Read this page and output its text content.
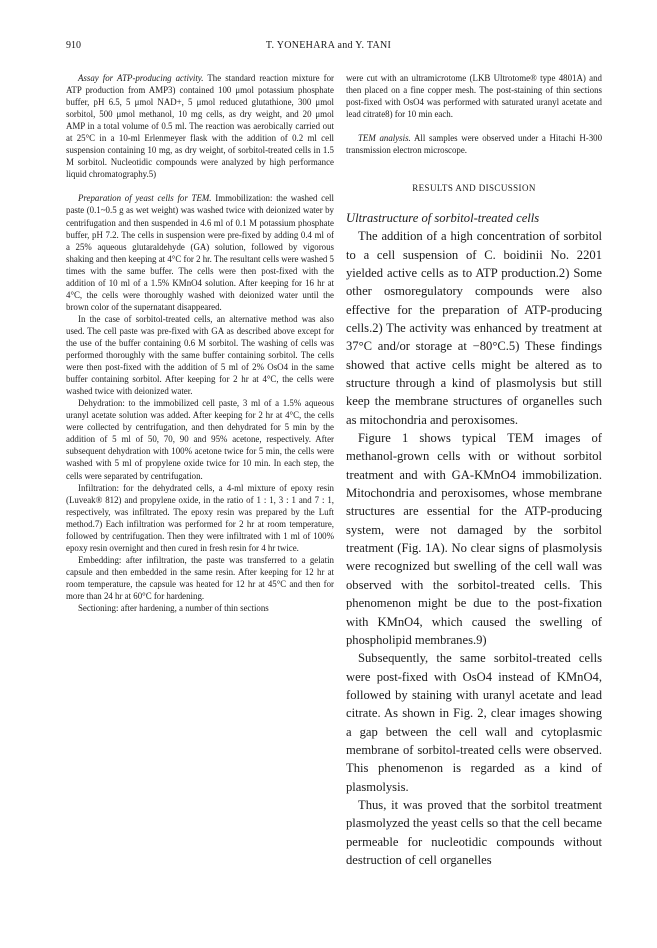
910	T. YONEHARA and Y. TANI

Assay for ATP-producing activity. The standard reaction mixture for ATP production from AMP3) contained 100 μmol potassium phosphate buffer, pH 6.5, 5 μmol NAD+, 5 μmol reduced glutathione, 300 μmol sorbitol, 500 μmol methanol, 10 mg cells, as dry weight, and 20 μmol AMP in a total volume of 0.5 ml. The reaction was aerobically carried out at 25°C in a 10-ml Erlenmeyer flask with the addition of 0.2 ml cell suspension containing 10 mg, as dry weight, of sorbitol-treated cells in 1.5 M sorbitol. Nucleotidic compounds were analyzed by high performance liquid chromatography.5)

Preparation of yeast cells for TEM. Immobilization: the washed cell paste (0.1~0.5 g as wet weight) was washed twice with deionized water by centrifugation and then suspended in 4.6 ml of 0.1 M potassium phosphate buffer, pH 7.2. The cells in suspension were pre-fixed by adding 0.4 ml of a 25% aqueous glutaraldehyde (GA) solution, followed by vigorous shaking and then keeping at 4°C for 2 hr. The resultant cells were washed 5 times with the same buffer. The cells were then post-fixed with the addition of 10 ml of a 1.5% KMnO4 solution. After keeping for 16 hr at 4°C, the cells were thoroughly washed with deionized water until the brown color of the supernatant disappeared.

In the case of sorbitol-treated cells, an alternative method was also used. The cell paste was pre-fixed with GA as described above except for the use of the buffer containing 0.6 M sorbitol. The washing of cells was performed thoroughly with the same buffer containing sorbitol. The cells were then post-fixed with the addition of 5 ml of 2% OsO4 in the same buffer containing sorbitol. After keeping for 2 hr at 4°C, the cells were washed twice with deionized water.

Dehydration: to the immobilized cell paste, 3 ml of a 1.5% aqueous uranyl acetate solution was added. After keeping for 2 hr at 4°C, the cells were collected by centrifugation, and then dehydrated for 5 min by the addition of 5 ml of 50, 70, 90 and 95% acetone, respectively. After subsequent dehydration with 100% acetone twice for 5 min, the cells were washed with 5 ml of propylene oxide twice for 10 min. In each step, the cells were separated by centrifugation.

Infiltration: for the dehydrated cells, a 4-ml mixture of epoxy resin (Luveak® 812) and propylene oxide, in the ratio of 1 : 1, 3 : 1 and 7 : 1, respectively, was infiltrated. The epoxy resin was prepared by the Luft method.7) Each infiltration was performed for 2 hr at room temperature, followed by centrifugation. Then they were infiltrated with 1 ml of 100% epoxy resin overnight and then cured in fresh resin for 4 hr twice.

Embedding: after infiltration, the paste was transferred to a gelatin capsule and then embedded in the same resin. After keeping for 12 hr at room temperature, the capsule was heated for 12 hr at 45°C and then for more than 24 hr at 60°C for hardening.

Sectioning: after hardening, a number of thin sections

were cut with an ultramicrotome (LKB Ultrotome® type 4801A) and then placed on a fine copper mesh. The post-staining of thin sections post-fixed with OsO4 was performed with saturated uranyl acetate and lead citrate8) for 10 min each.

TEM analysis. All samples were observed under a Hitachi H-300 transmission electron microscope.

RESULTS AND DISCUSSION
Ultrastructure of sorbitol-treated cells

The addition of a high concentration of sorbitol to a cell suspension of C. boidinii No. 2201 yielded active cells as to ATP production.2) Some other osmoregulatory compounds were also effective for the preparation of ATP-producing cells.2) The activity was enhanced by treatment at 37°C and/or storage at −80°C.5) These findings showed that active cells might be altered as to structure through a kind of plasmolysis but still keep the membrane structures of organelles such as mitochondria and peroxisomes.

Figure 1 shows typical TEM images of methanol-grown cells with or without sorbitol treatment and with GA-KMnO4 immobilization. Mitochondria and peroxisomes, whose membrane structures are essential for the ATP-producing system, were not damaged by the sorbitol treatment (Fig. 1A). No clear signs of plasmolysis were recognized but swelling of the cell wall was observed with the sorbitol-treated cells. This phenomenon might be due to the post-fixation with KMnO4, which caused the swelling of phospholipid membranes.9)

Subsequently, the same sorbitol-treated cells were post-fixed with OsO4 instead of KMnO4, followed by staining with uranyl acetate and lead citrate. As shown in Fig. 2, clear images showing a gap between the cell wall and cytoplasmic membrane of sorbitol-treated cells were observed. This phenomenon is regarded as a kind of plasmolysis.

Thus, it was proved that the sorbitol treatment plasmolyzed the yeast cells so that the cell became permeable for nucleotidic compounds without destruction of cell organelles
